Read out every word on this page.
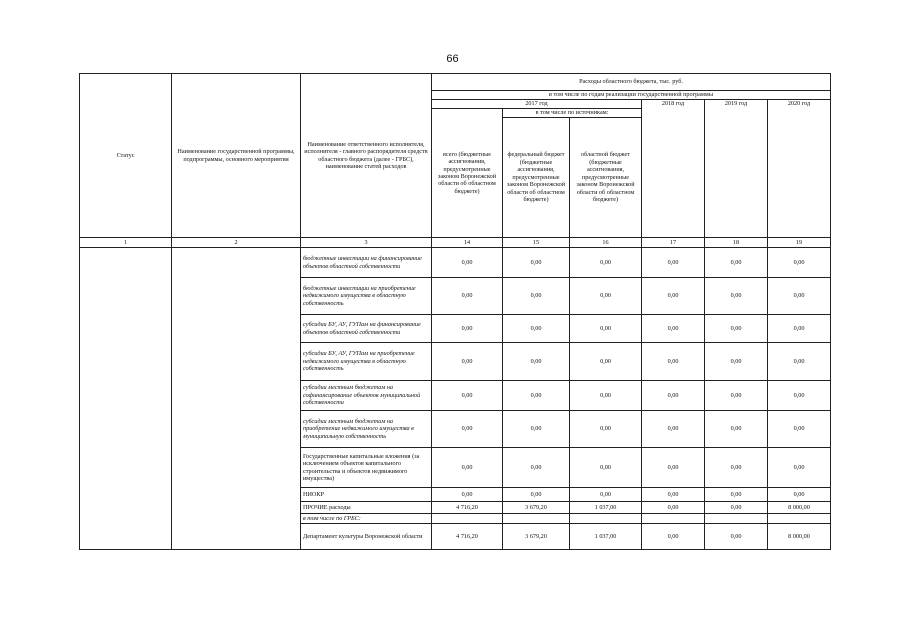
66
Статус	Наименование государственной программы, подпрограммы, основного мероприятия	Наименование ответственного исполнителя, исполнителя - главного распорядителя средств областного бюджета (далее - ГРБС), наименование статей расходов	Расходы областного бюджета, тыс. руб.					
			в том числе по годам реализации государственной программы					
			2017 год			2018 год	2019 год	2020 год
			всего (бюджетные ассигнования, предусмотренные законом Воронежской области об областном бюджете)	в том числе по источникам:				
				федеральный бюджет (бюджетные ассигнования, предусмотренные законом Воронежской области об областном бюджете)	областной бюджет (бюджетные ассигнования, предусмотренные законом Воронежской области об областном бюджете)			
1	2	3	14	15	16	17	18	19
		бюджетные инвестиции на финансирование объектов областной собственности	0,00	0,00	0,00	0,00	0,00	0,00
		бюджетные инвестиции на приобретение недвижимого имущества в областную собственность	0,00	0,00	0,00	0,00	0,00	0,00
		субсидии БУ, АУ, ГУПам на финансирование объектов областной собственности	0,00	0,00	0,00	0,00	0,00	0,00
		субсидии БУ, АУ, ГУПам на приобретение недвижимого имущества в областную собственность	0,00	0,00	0,00	0,00	0,00	0,00
		субсидии местным бюджетам на софинансирование объектов муниципальной собственности	0,00	0,00	0,00	0,00	0,00	0,00
		субсидии местным бюджетам на приобретение недвижимого имущества в муниципальную собственность	0,00	0,00	0,00	0,00	0,00	0,00
		Государственные капитальные вложения (за исключением объектов капитального строительства и объектов недвижимого имущества)	0,00	0,00	0,00	0,00	0,00	0,00
		НИОКР	0,00	0,00	0,00	0,00	0,00	0,00
		ПРОЧИЕ расходы	4 716,20	3 679,20	1 037,00	0,00	0,00	8 000,00
		в том числе по ГРБС:						
		Департамент культуры Воронежской области	4 716,20	3 679,20	1 037,00	0,00	0,00	8 000,00
